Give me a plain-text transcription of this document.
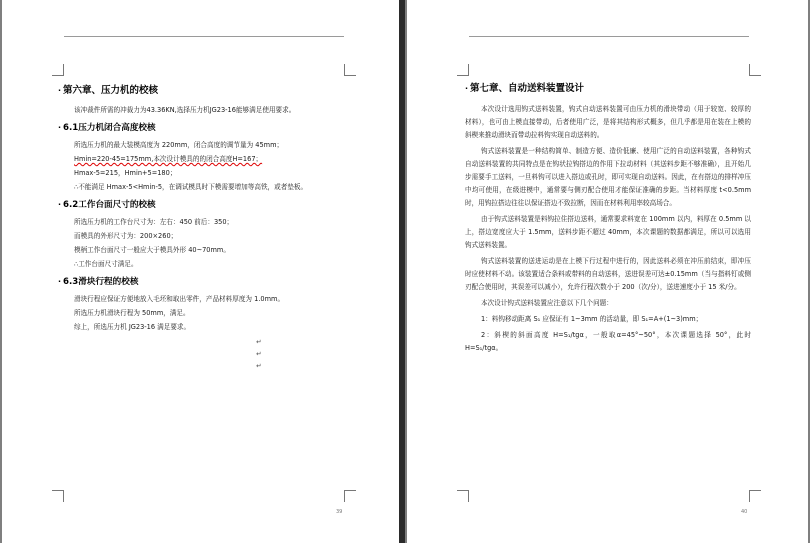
· 第六章、压力机的校核
该冲裁件所需的冲裁力为43.36KN,选择压力机JG23-16能够满足使用要求。
· 6.1压力机闭合高度校核
所选压力机的最大装模高度为 220mm，闭合高度的调节量为 45mm；
Hmin=220-45=175mm,本次设计模具的的闭合高度H=167；
Hmax-5=215，Hmin+5=180；
∴不能满足 Hmax-5<Hmin-5，在调试模具时下模需要增加等高铁，或者垫板。
· 6.2工作台面尺寸的校核
所选压力机的工作台尺寸为：左右：450 前后：350；
而模具的外形尺寸为：200×260；
模柄工作台面尺寸一般应大于模具外形 40~70mm。
∴工作台面尺寸满足。
· 6.3滑块行程的校核
滑块行程应保证方便地放入毛坯和取出零件，产品材料厚度为 1.0mm。
所选压力机滑块行程为 50mm，满足。
综上，所选压力机 JG23-16 满足要求。
↵
↵
↵
39
· 第七章、自动送料装置设计
本次设计选用钩式送料装置，钩式自动送料装置可由压力机的滑块带动（用于较宽、较厚的材料），也可由上模直接带动，后者使用广泛，是将其结构形式概多，但几乎都是用在装在上模的斜楔来推动滑块而带动拉料钩实现自动送料的。
钩式送料装置是一种结构简单、制造方便、造价低廉、使用广泛的自动送料装置，各种钩式自动送料装置的共同特点是在钩状拉钩搭边的作用下拉动材料（其送料步距不够准确），且开始几步需要手工送料，一旦料钩可以进入搭边或孔时，即可实现自动送料。因此，在有搭边的排样冲压中均可使用，在级进模中，通常要与侧刃配合使用才能保证准确的步距。当材料厚度 t<0.5mm 时，用钩拉搭边往往以保证搭边不致拉断，因而在材料利用率较高场合。
由于钩式送料装置是料钩拉住搭边送料，通常要求料宽在 100mm 以内，料厚在 0.5mm 以上，搭边宽度应大于 1.5mm，送料步距不超过 40mm，本次课题的数据都满足，所以可以选用钩式送料装置。
钩式送料装置的送进运动是在上模下行过程中进行的，因此送料必须在冲压前结束，即冲压时应使材料不动。该装置适合条料或带料的自动送料，送进误差可达±0.15mm（当与指料钉或侧刃配合使用时，其误差可以减小），允许行程次数小于 200（次/分），送进速度小于 15 米/分。
本次设计钩式送料装置应注意以下几个问题：
1：料钩移动距离 S₁ 应保证有 1~3mm 的活动量，即 S₁=A+(1~3)mm；
2：斜楔的斜面高度 H=S₁/tgα，一般取α=45°~50°，本次课题选择 50°，此时 H=S₁/tgα。
40
